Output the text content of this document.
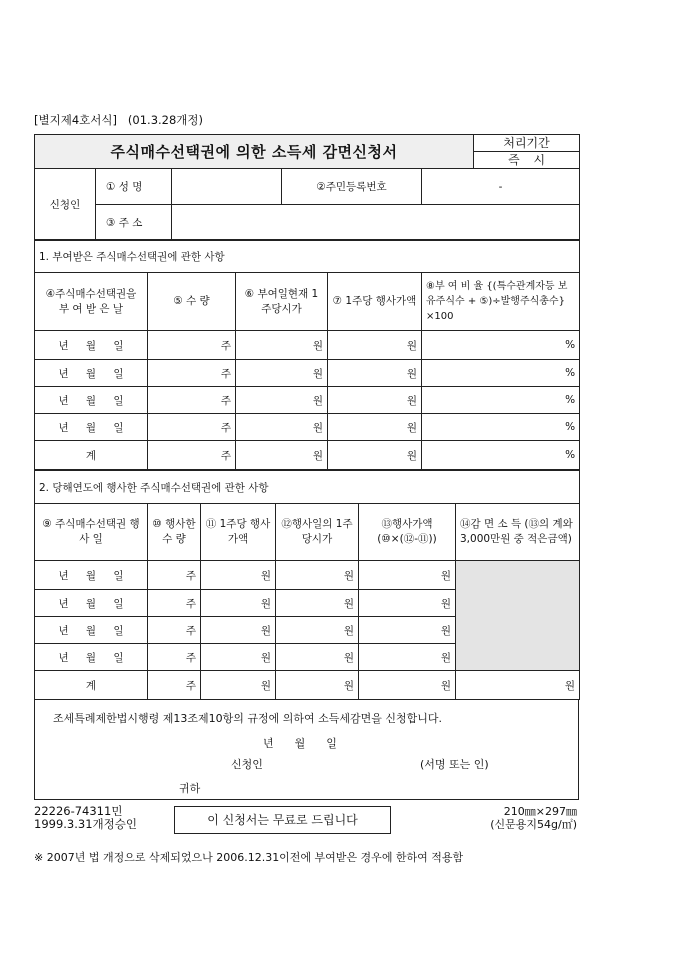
[별지제4호서식] (01.3.28개정)
주식매수선택권에 의한 소득세 감면신청서					처리기간
					즉 시
신청인	① 성 명		②주민등록번호	-	
	③ 주 소				
1. 부여받은 주식매수선택권에 관한 사항				
④주식매수선택권을 부 여 받 은 날	⑤ 수 량	⑥ 부여일현재 1주당시가	⑦ 1주당 행사가액	⑧부 여 비 율 {(특수관계자등 보유주식수 + ⑤)÷발행주식총수}×100
년 월 일	주	원	원	%
년 월 일	주	원	원	%
년 월 일	주	원	원	%
년 월 일	주	원	원	%
계	주	원	원	%
2. 당해연도에 행사한 주식매수선택권에 관한 사항					
⑨ 주식매수선택권 행 사 일	⑩ 행사한 수 량	⑪ 1주당 행사가액	⑫행사일의 1주당시가	⑬행사가액 (⑩×(⑫-⑪))	⑭감 면 소 득 (⑬의 계와 3,000만원 중 적은금액)
년 월 일	주	원	원	원	
년 월 일	주	원	원	원	
년 월 일	주	원	원	원	
년 월 일	주	원	원	원	
계	주	원	원	원	원
조세특례제한법시행령 제13조제10항의 규정에 의하여 소득세감면을 신청합니다.
년      월      일
신청인	(서명 또는 인)
귀하
22226-74311민
1999.3.31개정승인	이 신청서는 무료로 드립니다
210㎜×297㎜
(신문용지54g/㎡)
※ 2007년 법 개정으로 삭제되었으나 2006.12.31이전에 부여받은 경우에 한하여 적용함
